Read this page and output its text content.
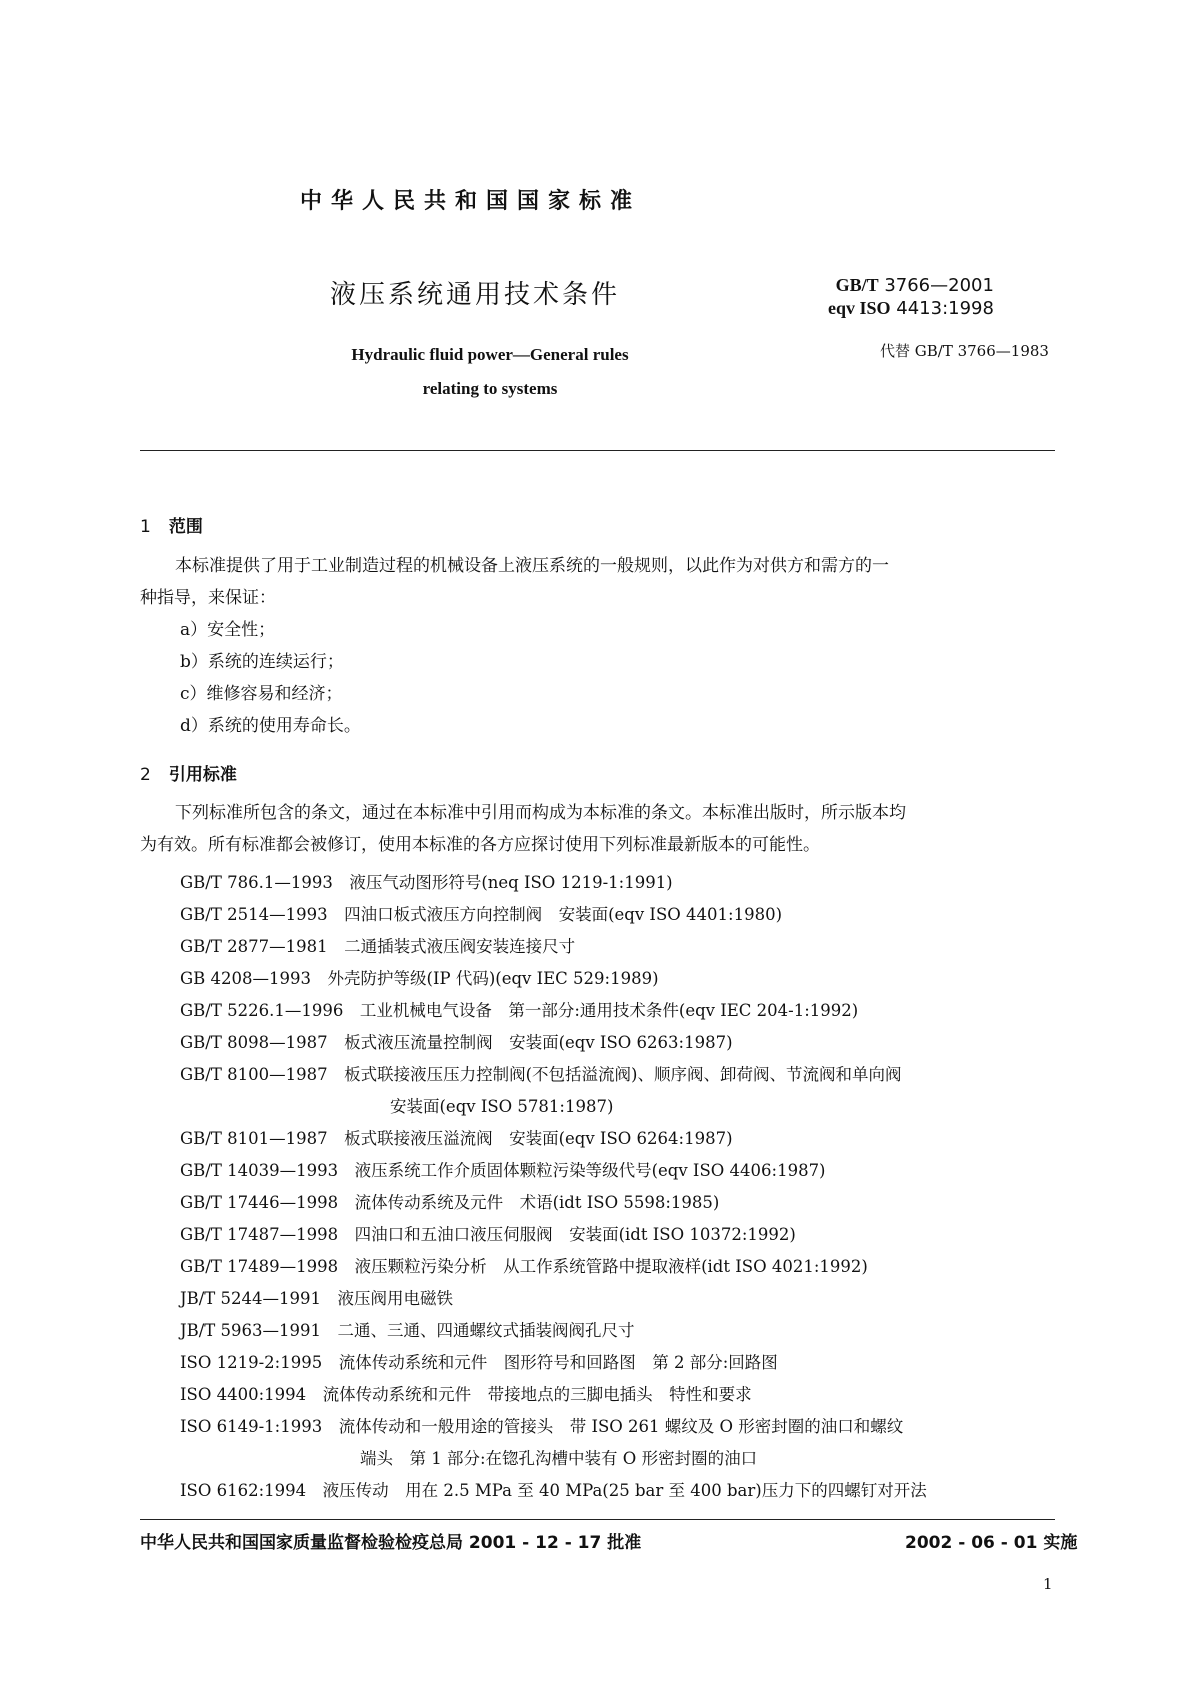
中华人民共和国国家标准
液压系统通用技术条件	GB/T 3766—2001
eqv ISO 4413:1998
代替 GB/T 3766—1983
Hydraulic fluid power—General rules
relating to systems
1 范围
本标准提供了用于工业制造过程的机械设备上液压系统的一般规则，以此作为对供方和需方的一
种指导，来保证：
a）安全性；
b）系统的连续运行；
c）维修容易和经济；
d）系统的使用寿命长。
2 引用标准
下列标准所包含的条文，通过在本标准中引用而构成为本标准的条文。本标准出版时，所示版本均
为有效。所有标准都会被修订，使用本标准的各方应探讨使用下列标准最新版本的可能性。
GB/T 786.1—1993　液压气动图形符号(neq ISO 1219-1:1991)
GB/T 2514—1993　四油口板式液压方向控制阀　安装面(eqv ISO 4401:1980)
GB/T 2877—1981　二通插装式液压阀安装连接尺寸
GB 4208—1993　外壳防护等级(IP 代码)(eqv IEC 529:1989)
GB/T 5226.1—1996　工业机械电气设备　第一部分:通用技术条件(eqv IEC 204-1:1992)
GB/T 8098—1987　板式液压流量控制阀　安装面(eqv ISO 6263:1987)
GB/T 8100—1987　板式联接液压压力控制阀(不包括溢流阀)、顺序阀、卸荷阀、节流阀和单向阀
安装面(eqv ISO 5781:1987)
GB/T 8101—1987　板式联接液压溢流阀　安装面(eqv ISO 6264:1987)
GB/T 14039—1993　液压系统工作介质固体颗粒污染等级代号(eqv ISO 4406:1987)
GB/T 17446—1998　流体传动系统及元件　术语(idt ISO 5598:1985)
GB/T 17487—1998　四油口和五油口液压伺服阀　安装面(idt ISO 10372:1992)
GB/T 17489—1998　液压颗粒污染分析　从工作系统管路中提取液样(idt ISO 4021:1992)
JB/T 5244—1991　液压阀用电磁铁
JB/T 5963—1991　二通、三通、四通螺纹式插装阀阀孔尺寸
ISO 1219-2:1995　流体传动系统和元件　图形符号和回路图　第 2 部分:回路图
ISO 4400:1994　流体传动系统和元件　带接地点的三脚电插头　特性和要求
ISO 6149-1:1993　流体传动和一般用途的管接头　带 ISO 261 螺纹及 O 形密封圈的油口和螺纹
端头　第 1 部分:在锪孔沟槽中装有 O 形密封圈的油口
ISO 6162:1994　液压传动　用在 2.5 MPa 至 40 MPa(25 bar 至 400 bar)压力下的四螺钉对开法
中华人民共和国国家质量监督检验检疫总局 2001 - 12 - 17 批准	2002 - 06 - 01 实施
1
